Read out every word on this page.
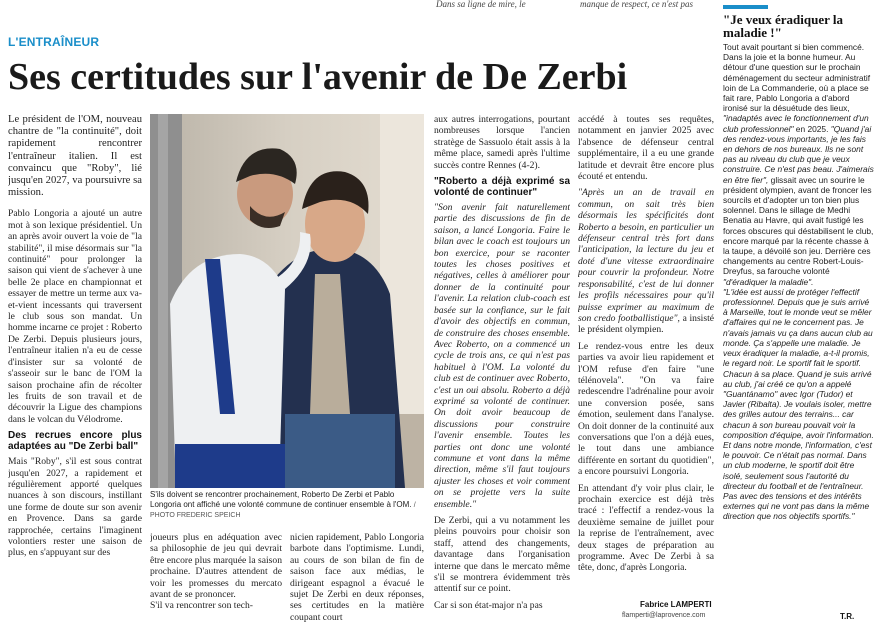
Dans sa ligne de mire, le	manque de respect, ce n'est pas
L'ENTRAÎNEUR
Ses certitudes sur l'avenir de De Zerbi

Le président de l'OM, nouveau chantre de "la continuité", doit rapidement rencontrer l'entraîneur italien. Il est convaincu que "Roby", lié jusqu'en 2027, va poursuivre sa mission.

Pablo Longoria a ajouté un autre mot à son lexique présidentiel. Un an après avoir ouvert la voie de "la stabilité", il mise désormais sur "la continuité" pour prolonger la saison qui vient de s'achever à une belle 2e place en championnat et essayer de mettre un terme aux va-et-vient incessants qui traversent le club sous son mandat. Un homme incarne ce projet : Roberto De Zerbi. Depuis plusieurs jours, l'entraîneur italien n'a eu de cesse d'insister sur sa volonté de s'asseoir sur le banc de l'OM la saison prochaine afin de récolter les fruits de son travail et de découvrir la Ligue des champions dans le volcan du Vélodrome.

Des recrues encore plus adaptées au "De Zerbi ball"

Mais "Roby", s'il est sous contrat jusqu'en 2027, a rapidement et régulièrement apporté quelques nuances à son discours, instillant une forme de doute sur son avenir en Provence. Dans sa garde rapprochée, certains l'imaginent volontiers rester une saison de plus, en s'appuyant sur des

S'ils doivent se rencontrer prochainement, Roberto De Zerbi et Pablo Longoria ont affiché une volonté commune de continuer ensemble à l'OM. / PHOTO FREDERIC SPEICH

joueurs plus en adéquation avec sa philosophie de jeu qui devrait être encore plus marquée la saison prochaine. D'autres attendent de voir les promesses du mercato avant de se prononcer.

S'il va rencontrer son tech-

nicien rapidement, Pablo Longoria barbote dans l'optimisme. Lundi, au cours de son bilan de fin de saison face aux médias, le dirigeant espagnol a évacué le sujet De Zerbi en deux réponses, ses certitudes en la matière coupant court

aux autres interrogations, pourtant nombreuses lorsque l'ancien stratège de Sassuolo était assis à la même place, samedi après l'ultime succès contre Rennes (4-2).

"Roberto a déjà exprimé sa volonté de continuer"

"Son avenir fait naturellement partie des discussions de fin de saison, a lancé Longoria. Faire le bilan avec le coach est toujours un bon exercice, pour se raconter toutes les choses positives et négatives, celles à améliorer pour donner de la continuité pour l'avenir. La relation club-coach est basée sur la confiance, sur le fait d'avoir des objectifs en commun, de construire des choses ensemble. Avec Roberto, on a commencé un cycle de trois ans, ce qui n'est pas habituel à l'OM. La volonté du club est de continuer avec Roberto, c'est un oui absolu. Roberto a déjà exprimé sa volonté de continuer. On doit avoir beaucoup de discussions pour construire l'avenir ensemble. Toutes les parties ont donc une volonté commune et vont dans la même direction, même s'il faut toujours ajuster les choses et voir comment on se projette vers la suite ensemble."

De Zerbi, qui a vu notamment les pleins pouvoirs pour choisir son staff, attend des changements, davantage dans l'organisation interne que dans le mercato même s'il se montrera évidemment très attentif sur ce point.

Car si son état-major n'a pas

accédé à toutes ses requêtes, notamment en janvier 2025 avec l'absence de défenseur central supplémentaire, il a eu une grande latitude et devrait être encore plus écouté et entendu.

"Après un an de travail en commun, on sait très bien désormais les spécificités dont Roberto a besoin, en particulier un défenseur central très fort dans l'anticipation, la lecture du jeu et doté d'une vitesse extraordinaire pour couvrir la profondeur. Notre responsabilité, c'est de lui donner les profils nécessaires pour qu'il puisse exprimer au maximum de son credo footballistique", a insisté le président olympien.

Le rendez-vous entre les deux parties va avoir lieu rapidement et l'OM refuse d'en faire "une télénovela". "On va faire redescendre l'adrénaline pour avoir une conversion posée, sans émotion, seulement dans l'analyse. On doit donner de la continuité aux conversations que l'on a déjà eues, le tout dans une ambiance différente en sortant du quotidien", a encore poursuivi Longoria.

En attendant d'y voir plus clair, le prochain exercice est déjà très tracé : l'effectif a rendez-vous la deuxième semaine de juillet pour la reprise de l'entraînement, avec deux stages de préparation au programme. Avec De Zerbi à sa tête, donc, d'après Longoria.

Fabrice LAMPERTI
flamperti@laprovence.com
"Je veux éradiquer la maladie !"

Tout avait pourtant si bien commencé. Dans la joie et la bonne humeur. Au détour d'une question sur le prochain déménagement du secteur administratif loin de La Commanderie, où a place se fait rare, Pablo Longoria a d'abord ironisé sur la désuétude des lieux, "inadaptés avec le fonctionnement d'un club professionnel" en 2025. "Quand j'ai des rendez-vous importants, je les fais en dehors de nos bureaux. Ils ne sont pas au niveau du club que je veux construire. Ce n'est pas beau. J'aimerais en être fier", glissait avec un sourire le président olympien, avant de froncer les sourcils et d'adopter un ton bien plus solennel. Dans le sillage de Medhi Benatia au Havre, qui avait fustigé les forces obscures qui déstabilisent le club, encore marqué par la récente chasse à la taupe, a dévoilé son jeu. Derrière ces changements au centre Robert-Louis-Dreyfus, sa farouche volonté "d'éradiquer la maladie".

"L'idée est aussi de protéger l'effectif professionnel. Depuis que je suis arrivé à Marseille, tout le monde veut se mêler d'affaires qui ne le concernent pas. Je n'avais jamais vu ça dans aucun club au monde. Ça s'appelle une maladie. Je veux éradiquer la maladie, a-t-il promis, le regard noir. Le sportif fait le sportif. Chacun à sa place. Quand je suis arrivé au club, j'ai créé ce qu'on a appelé "Guantánamo" avec Igor (Tudor) et Javier (Ribalta). Je voulais isoler, mettre des grilles autour des terrains... car chacun à son bureau pouvait voir la composition d'équipe, avoir l'information. Et dans notre monde, l'information, c'est le pouvoir. Ce n'était pas normal. Dans un club moderne, le sportif doit être isolé, seulement sous l'autorité du directeur du football et de l'entraîneur. Pas avec des tensions et des intérêts externes qui ne vont pas dans la même direction que nos objectifs sportifs."

T.R.
